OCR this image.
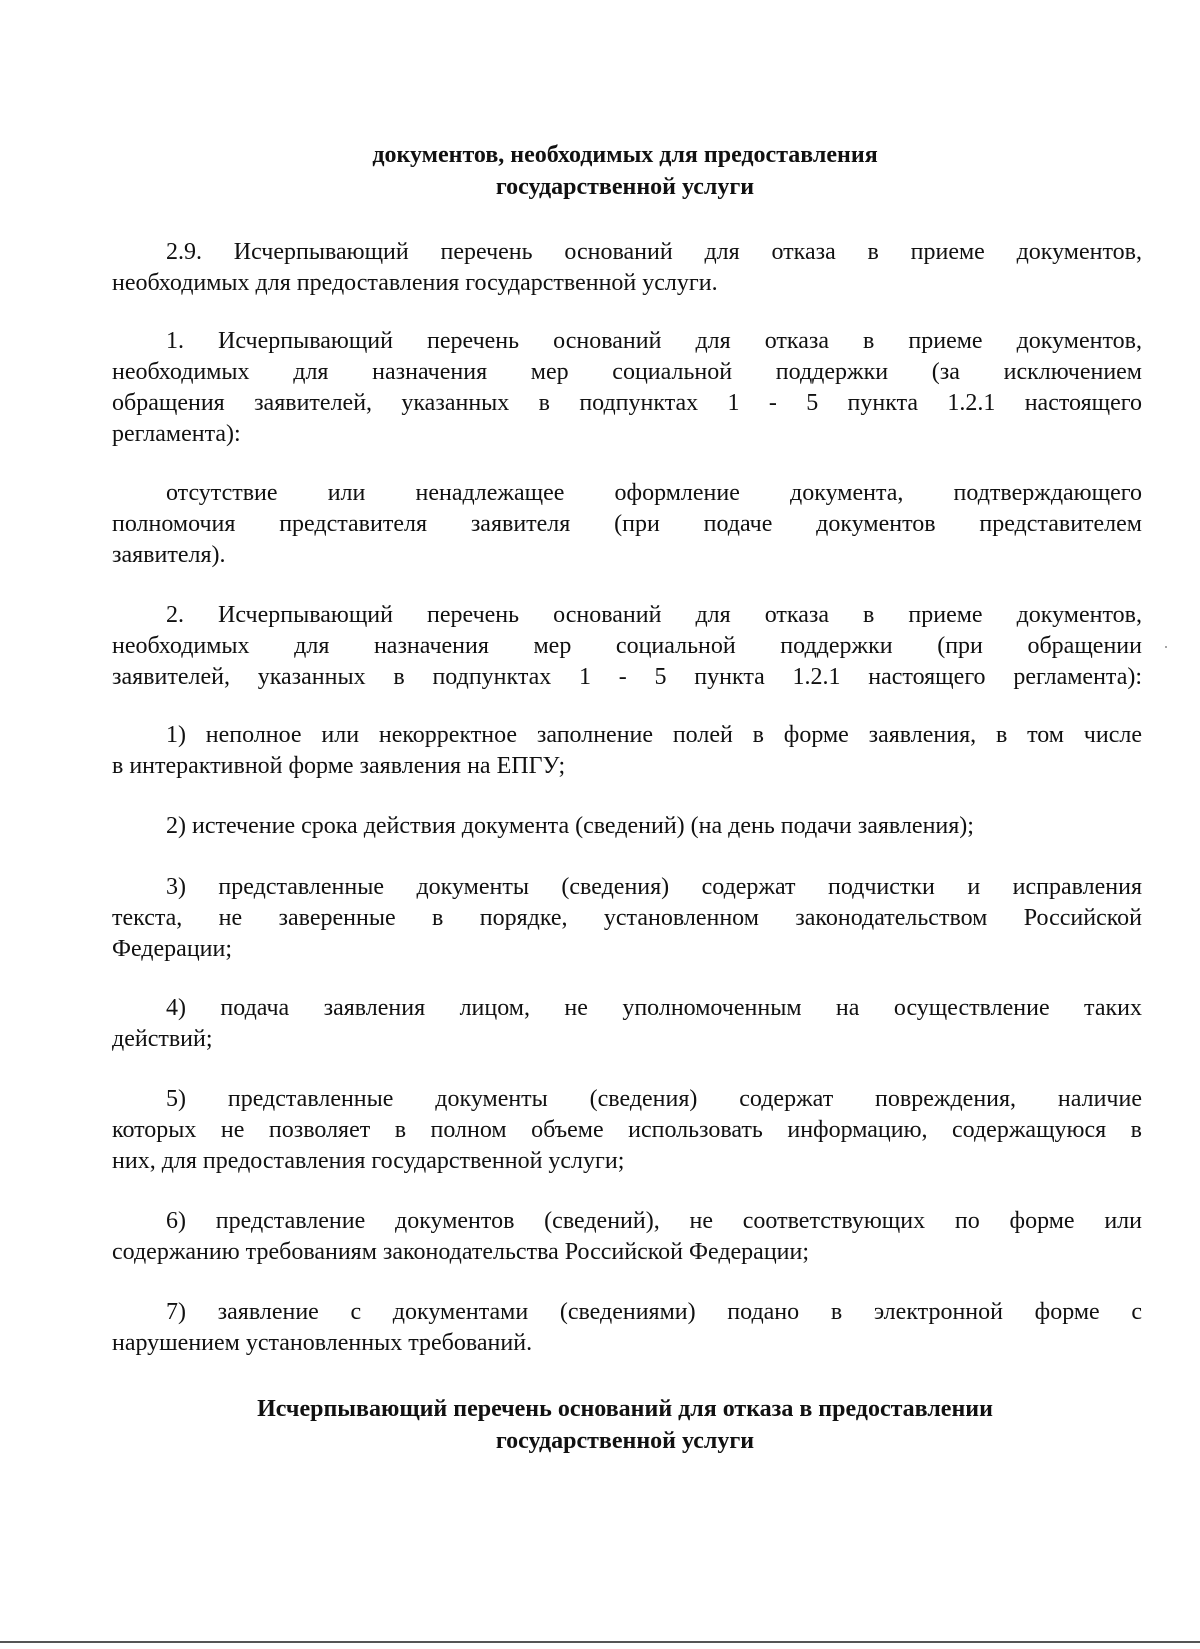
документов, необходимых для предоставления
государственной услуги
2.9. Исчерпывающий перечень оснований для отказа в приеме документов,
необходимых для предоставления государственной услуги.
1. Исчерпывающий перечень оснований для отказа в приеме документов,
необходимых для назначения мер социальной поддержки (за исключением
обращения заявителей, указанных в подпунктах 1 - 5 пункта 1.2.1 настоящего
регламента):
отсутствие или ненадлежащее оформление документа, подтверждающего
полномочия представителя заявителя (при подаче документов представителем
заявителя).
2. Исчерпывающий перечень оснований для отказа в приеме документов,
необходимых для назначения мер социальной поддержки (при обращении
заявителей, указанных в подпунктах 1 - 5 пункта 1.2.1 настоящего регламента):
1) неполное или некорректное заполнение полей в форме заявления, в том числе
в интерактивной форме заявления на ЕПГУ;
2) истечение срока действия документа (сведений) (на день подачи заявления);
3) представленные документы (сведения) содержат подчистки и исправления
текста, не заверенные в порядке, установленном законодательством Российской
Федерации;
4) подача заявления лицом, не уполномоченным на осуществление таких
действий;
5) представленные документы (сведения) содержат повреждения, наличие
которых не позволяет в полном объеме использовать информацию, содержащуюся в
них, для предоставления государственной услуги;
6) представление документов (сведений), не соответствующих по форме или
содержанию требованиям законодательства Российской Федерации;
7) заявление с документами (сведениями) подано в электронной форме с
нарушением установленных требований.
Исчерпывающий перечень оснований для отказа в предоставлении
государственной услуги
